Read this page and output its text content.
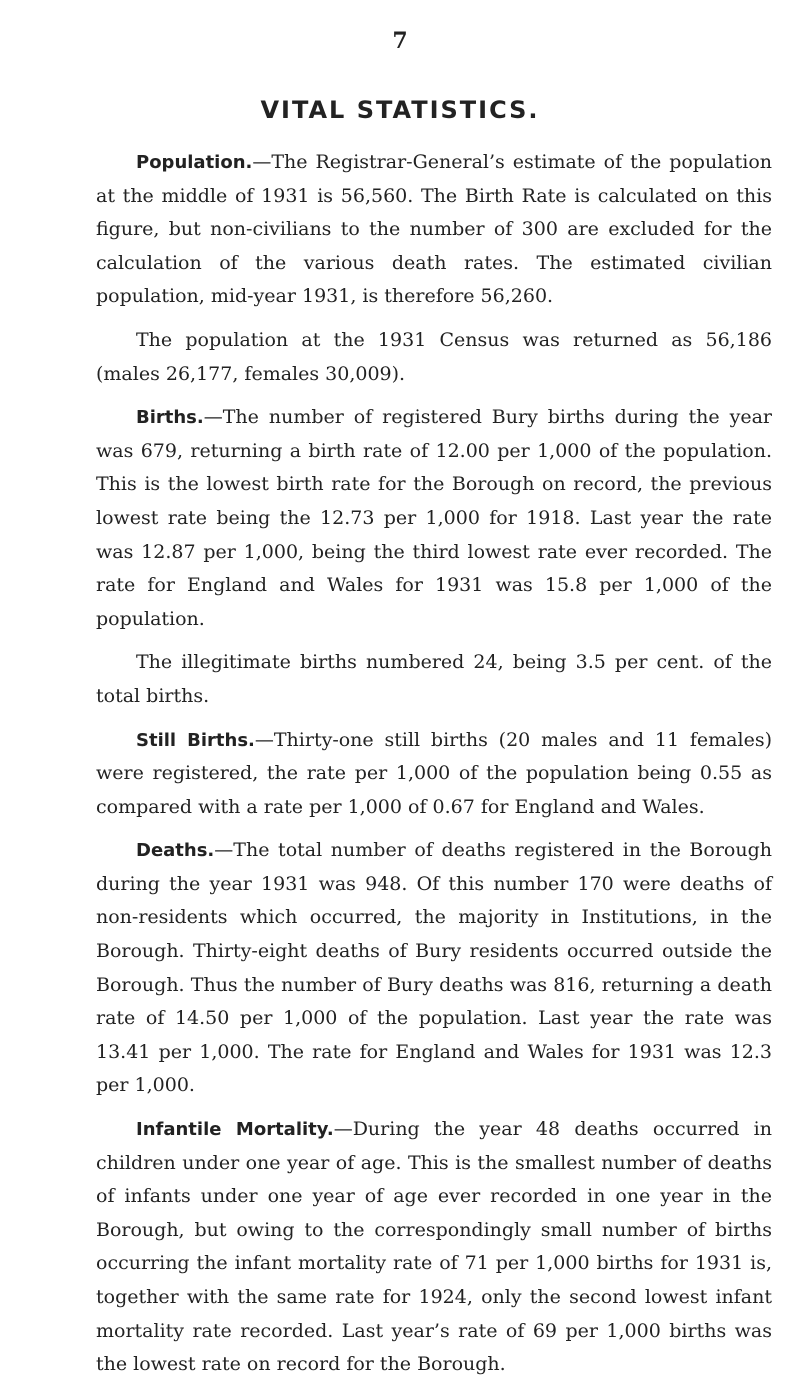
7
VITAL STATISTICS.

Population.—The Registrar-General’s estimate of the population at the middle of 1931 is 56,560. The Birth Rate is calculated on this figure, but non-civilians to the number of 300 are excluded for the calculation of the various death rates. The estimated civilian population, mid-year 1931, is therefore 56,260.

The population at the 1931 Census was returned as 56,186 (males 26,177, females 30,009).

Births.—The number of registered Bury births during the year was 679, returning a birth rate of 12.00 per 1,000 of the population. This is the lowest birth rate for the Borough on record, the previous lowest rate being the 12.73 per 1,000 for 1918. Last year the rate was 12.87 per 1,000, being the third lowest rate ever recorded. The rate for England and Wales for 1931 was 15.8 per 1,000 of the population.

The illegitimate births numbered 24, being 3.5 per cent. of the total births.

Still Births.—Thirty-one still births (20 males and 11 females) were registered, the rate per 1,000 of the population being 0.55 as compared with a rate per 1,000 of 0.67 for England and Wales.

Deaths.—The total number of deaths registered in the Borough during the year 1931 was 948. Of this number 170 were deaths of non-residents which occurred, the majority in Institutions, in the Borough. Thirty-eight deaths of Bury residents occurred outside the Borough. Thus the number of Bury deaths was 816, returning a death rate of 14.50 per 1,000 of the population. Last year the rate was 13.41 per 1,000. The rate for England and Wales for 1931 was 12.3 per 1,000.

Infantile Mortality.—During the year 48 deaths occurred in children under one year of age. This is the smallest number of deaths of infants under one year of age ever recorded in one year in the Borough, but owing to the correspondingly small number of births occurring the infant mortality rate of 71 per 1,000 births for 1931 is, together with the same rate for 1924, only the second lowest infant mortality rate recorded. Last year’s rate of 69 per 1,000 births was the lowest rate on record for the Borough.
